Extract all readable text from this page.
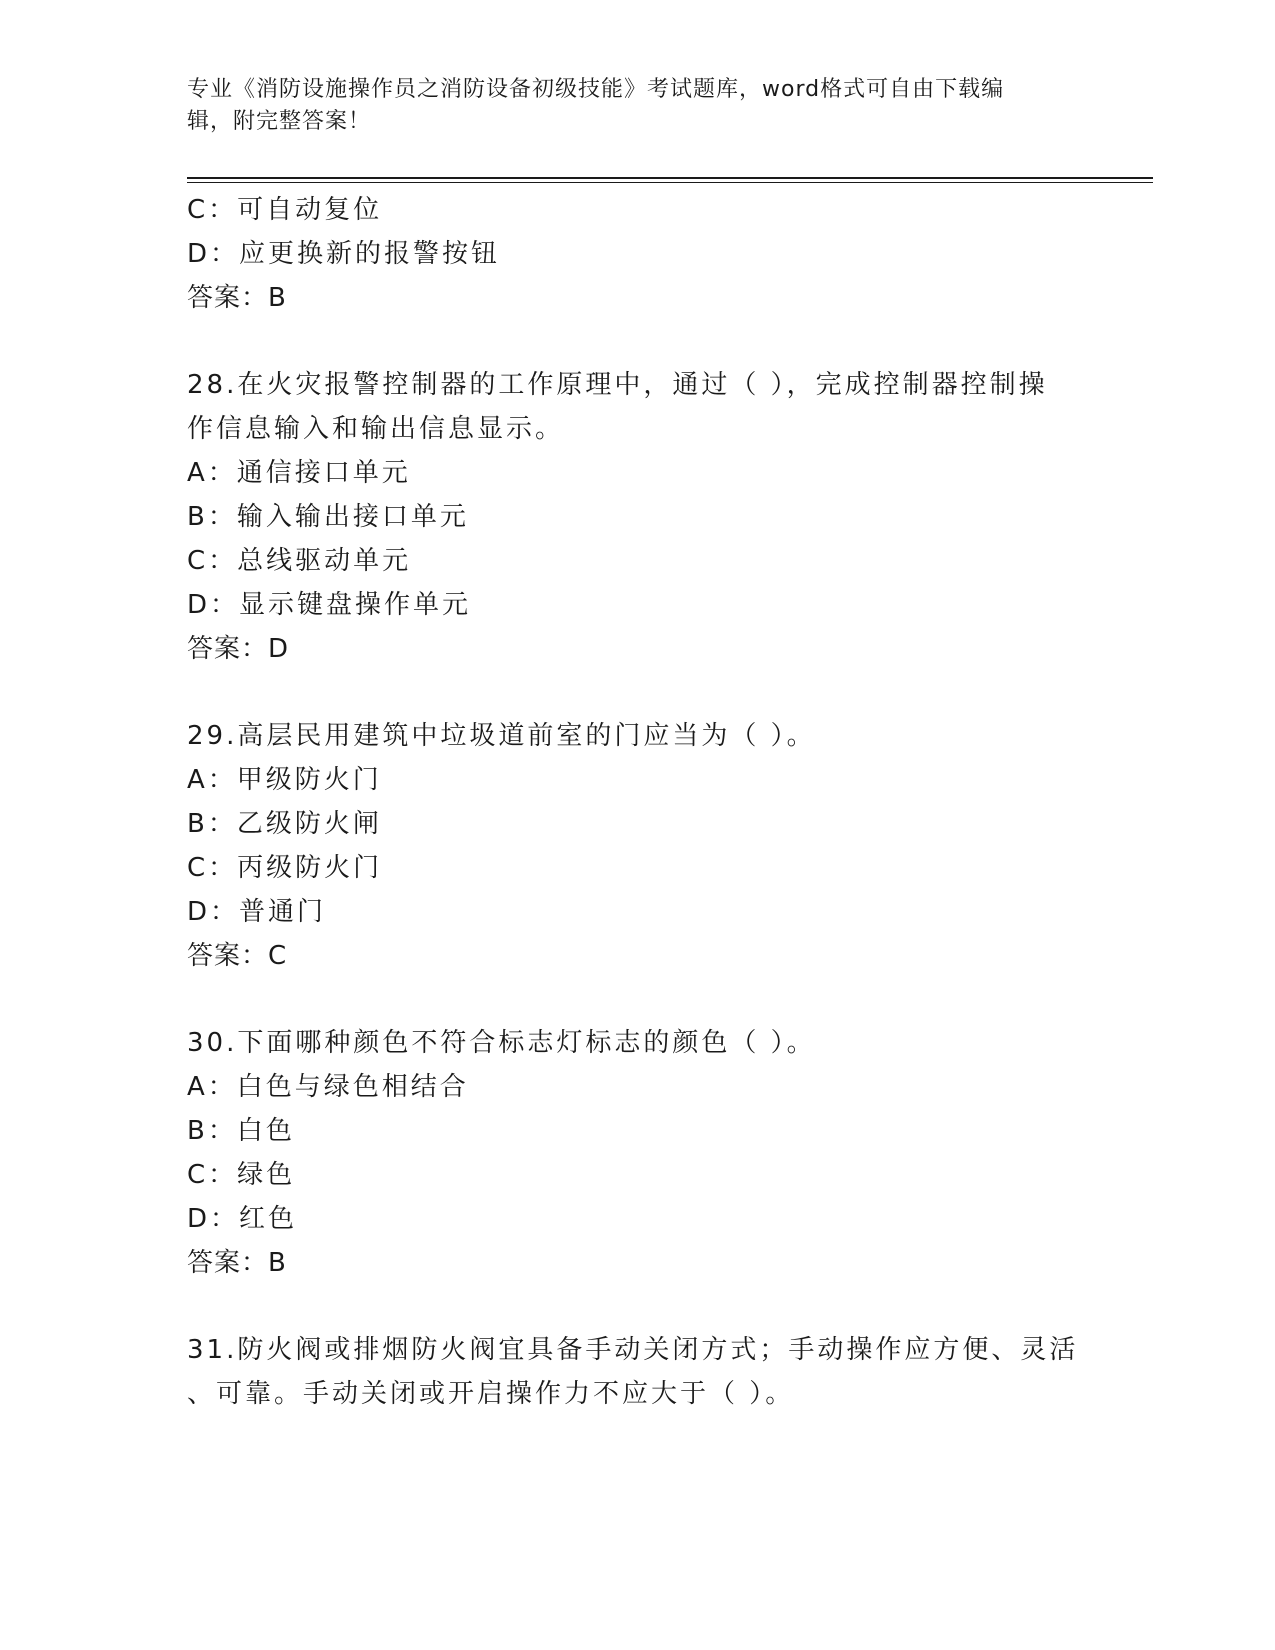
专业《消防设施操作员之消防设备初级技能》考试题库，word格式可自由下载编
辑，附完整答案！
C：可自动复位
D：应更换新的报警按钮
答案：B
28.在火灾报警控制器的工作原理中，通过（ ），完成控制器控制操
作信息输入和输出信息显示。
A：通信接口单元
B：输入输出接口单元
C：总线驱动单元
D：显示键盘操作单元
答案：D
29.高层民用建筑中垃圾道前室的门应当为（ ）。
A：甲级防火门
B：乙级防火闸
C：丙级防火门
D：普通门
答案：C
30.下面哪种颜色不符合标志灯标志的颜色（ ）。
A：白色与绿色相结合
B：白色
C：绿色
D：红色
答案：B
31.防火阀或排烟防火阀宜具备手动关闭方式；手动操作应方便、灵活
、可靠。手动关闭或开启操作力不应大于（ ）。
